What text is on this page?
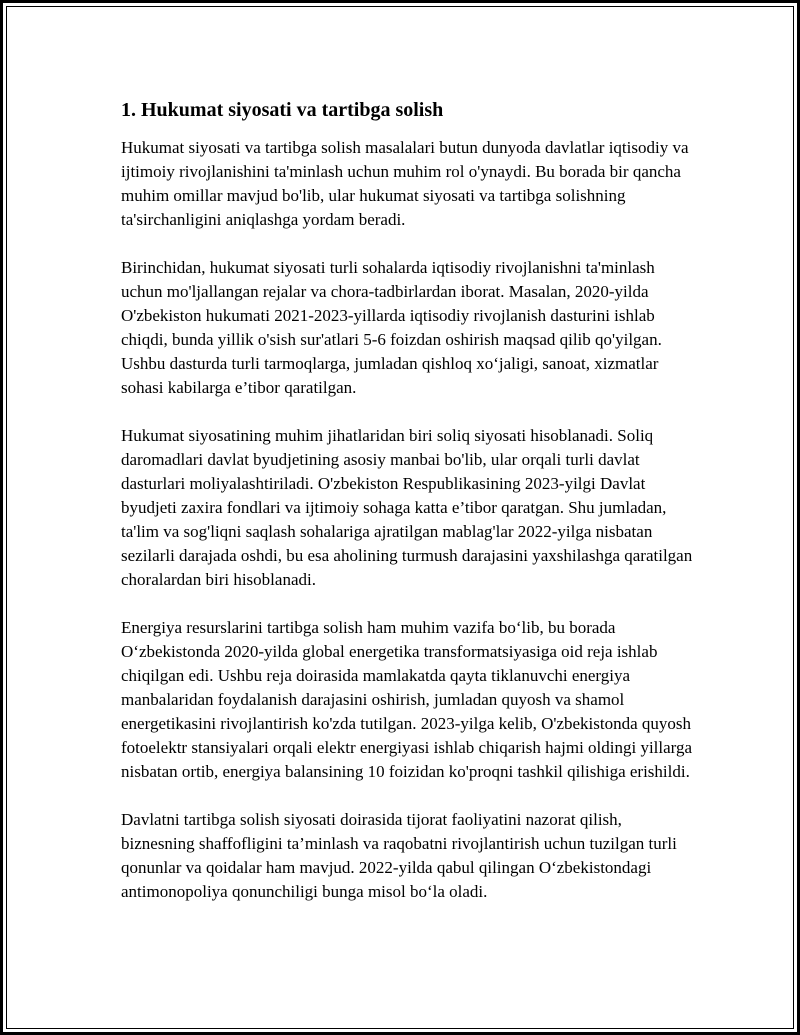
1. Hukumat siyosati va tartibga solish

Hukumat siyosati va tartibga solish masalalari butun dunyoda davlatlar iqtisodiy va ijtimoiy rivojlanishini ta'minlash uchun muhim rol o'ynaydi. Bu borada bir qancha muhim omillar mavjud bo'lib, ular hukumat siyosati va tartibga solishning ta'sirchanligini aniqlashga yordam beradi.

Birinchidan, hukumat siyosati turli sohalarda iqtisodiy rivojlanishni ta'minlash uchun mo'ljallangan rejalar va chora-tadbirlardan iborat. Masalan, 2020-yilda O'zbekiston hukumati 2021-2023-yillarda iqtisodiy rivojlanish dasturini ishlab chiqdi, bunda yillik o'sish sur'atlari 5-6 foizdan oshirish maqsad qilib qo'yilgan. Ushbu dasturda turli tarmoqlarga, jumladan qishloq xo‘jaligi, sanoat, xizmatlar sohasi kabilarga e’tibor qaratilgan.

Hukumat siyosatining muhim jihatlaridan biri soliq siyosati hisoblanadi. Soliq daromadlari davlat byudjetining asosiy manbai bo'lib, ular orqali turli davlat dasturlari moliyalashtiriladi. O'zbekiston Respublikasining 2023-yilgi Davlat byudjeti zaxira fondlari va ijtimoiy sohaga katta e’tibor qaratgan. Shu jumladan, ta'lim va sog'liqni saqlash sohalariga ajratilgan mablag'lar 2022-yilga nisbatan sezilarli darajada oshdi, bu esa aholining turmush darajasini yaxshilashga qaratilgan choralardan biri hisoblanadi.

Energiya resurslarini tartibga solish ham muhim vazifa bo‘lib, bu borada O‘zbekistonda 2020-yilda global energetika transformatsiyasiga oid reja ishlab chiqilgan edi. Ushbu reja doirasida mamlakatda qayta tiklanuvchi energiya manbalaridan foydalanish darajasini oshirish, jumladan quyosh va shamol energetikasini rivojlantirish ko'zda tutilgan. 2023-yilga kelib, O'zbekistonda quyosh fotoelektr stansiyalari orqali elektr energiyasi ishlab chiqarish hajmi oldingi yillarga nisbatan ortib, energiya balansining 10 foizidan ko'proqni tashkil qilishiga erishildi.

Davlatni tartibga solish siyosati doirasida tijorat faoliyatini nazorat qilish, biznesning shaffofligini ta’minlash va raqobatni rivojlantirish uchun tuzilgan turli qonunlar va qoidalar ham mavjud. 2022-yilda qabul qilingan O‘zbekistondagi antimonopoliya qonunchiligi bunga misol bo‘la oladi.
